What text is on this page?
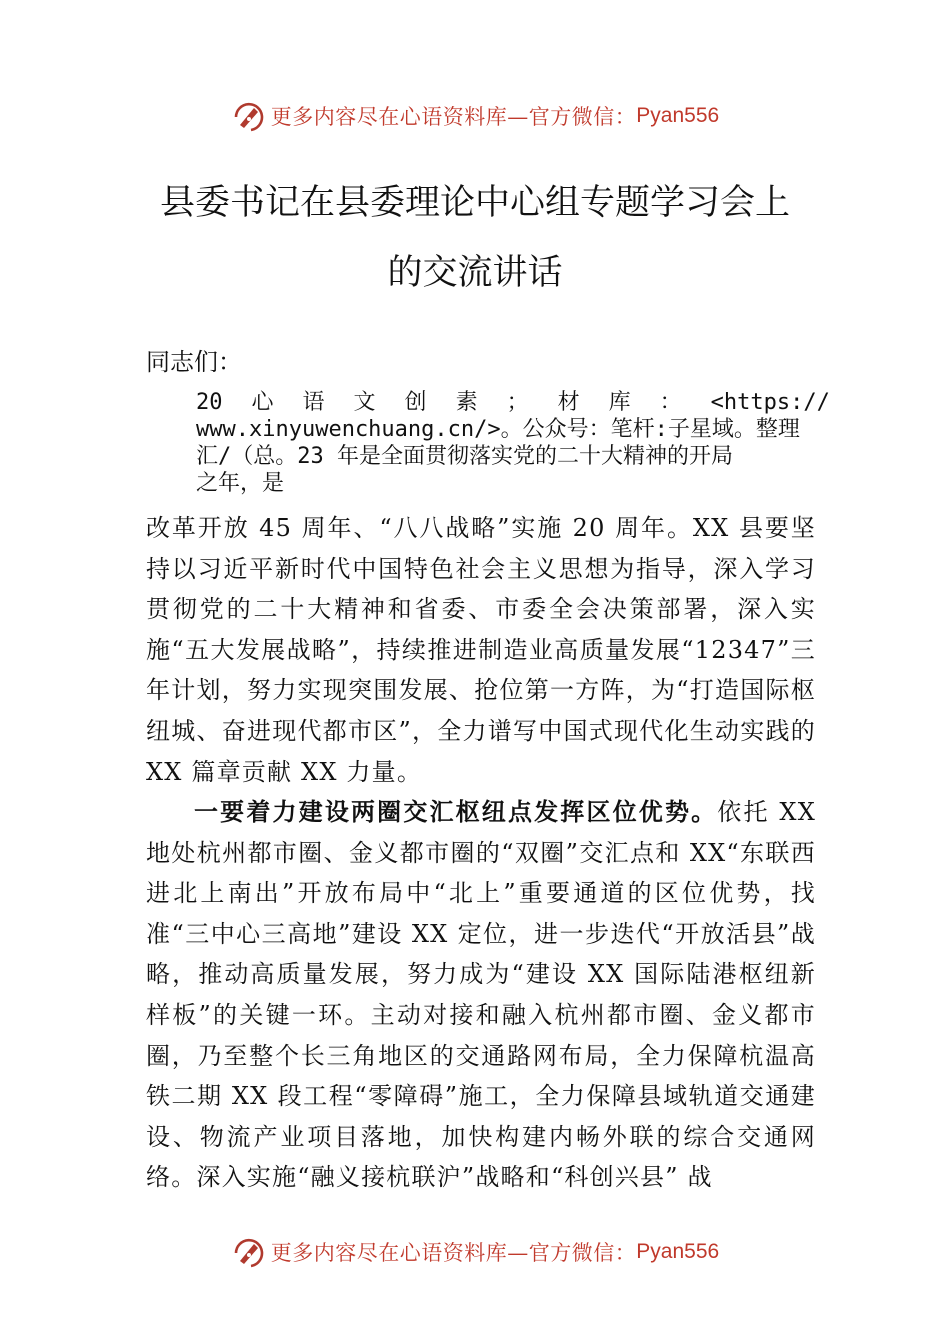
更多内容尽在心语资料库—官方微信： Pyan556
县委书记在县委理论中心组专题学习会上
的交流讲话
同志们：
20 心 语 文 创 素 ； 材 库 ： <https://
www.xinyuwenchuang.cn/>。公众号：笔杆:子星域。整理
汇/（总。23 年是全面贯彻落实党的二十大精神的开局
之年，是
改革开放 45 周年、“八八战略”实施 20 周年。XX 县要坚持以习近平新时代中国特色社会主义思想为指导，深入学习贯彻党的二十大精神和省委、市委全会决策部署，深入实施“五大发展战略”，持续推进制造业高质量发展“12347”三年计划，努力实现突围发展、抢位第一方阵，为“打造国际枢纽城、奋进现代都市区”，全力谱写中国式现代化生动实践的XX 篇章贡献 XX 力量。
一要着力建设两圈交汇枢纽点发挥区位优势。依托 XX 地处杭州都市圈、金义都市圈的“双圈”交汇点和 XX“东联西进北上南出”开放布局中“北上”重要通道的区位优势，找准“三中心三高地”建设 XX 定位，进一步迭代“开放活县”战略，推动高质量发展，努力成为“建设 XX 国际陆港枢纽新样板”的关键一环。主动对接和融入杭州都市圈、金义都市圈，乃至整个长三角地区的交通路网布局，全力保障杭温高铁二期 XX 段工程“零障碍”施工，全力保障县域轨道交通建设、物流产业项目落地，加快构建内畅外联的综合交通网络。深入实施“融义接杭联沪”战略和“科创兴县” 战
更多内容尽在心语资料库—官方微信： Pyan556
